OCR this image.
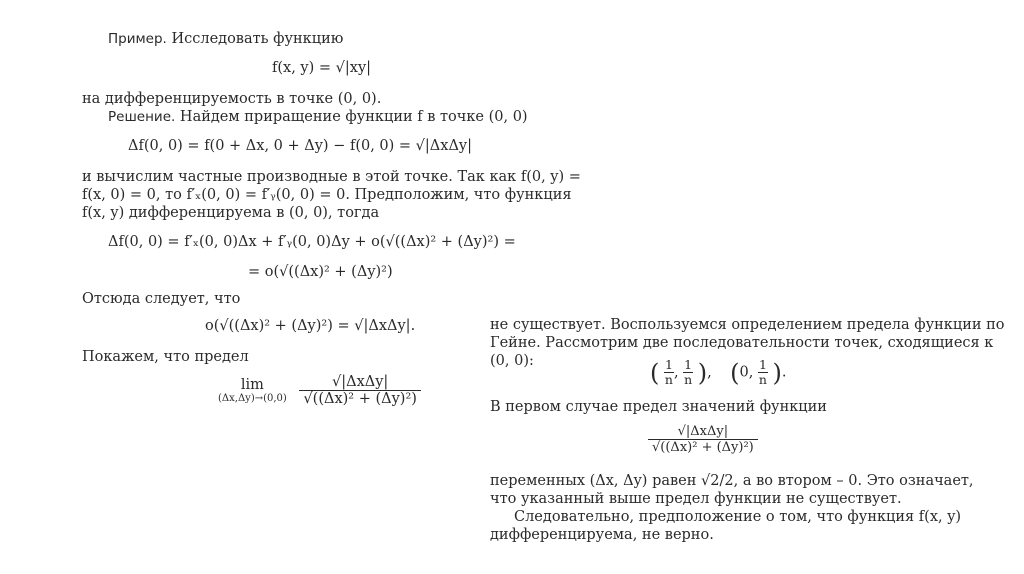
Пример. Исследовать функцию
f(x, y) = √|xy|
на дифференцируемость в точке (0, 0).
Решение. Найдем приращение функции f в точке (0, 0)
Δf(0, 0) = f(0 + Δx, 0 + Δy) − f(0, 0) = √|ΔxΔy|
и вычислим частные производные в этой точке. Так как f(0, y) =
f(x, 0) = 0, то f′ₓ(0, 0) = f′ᵧ(0, 0) = 0. Предположим, что функция
f(x, y) дифференцируема в (0, 0), тогда
Δf(0, 0) = f′ₓ(0, 0)Δx + f′ᵧ(0, 0)Δy + o(√((Δx)² + (Δy)²) =
= o(√((Δx)² + (Δy)²)
Отсюда следует, что
o(√((Δx)² + (Δy)²) = √|ΔxΔy|.
Покажем, что предел
lim
(Δx,Δy)→(0,0)
$\frac{\text{√|ΔxΔy|}}{\text{√((Δx)² + (Δy)²)}}$
не существует. Воспользуемся определением предела функции по
Гейне. Рассмотрим две последовательности точек, сходящиеся к
(0, 0):	( $\frac{1}{n}$ , $\frac{1}{n}$ ), (0, $\frac{1}{n}$ ).
В первом случае предел значений функции
$\frac{\text{√|ΔxΔy|}}{\text{√((Δx)² + (Δy)²)}}$
переменных (Δx, Δy) равен √2/2, а во втором – 0. Это означает,
что указанный выше предел функции не существует.
Следовательно, предположение о том, что функция f(x, y)
дифференцируема, не верно.
